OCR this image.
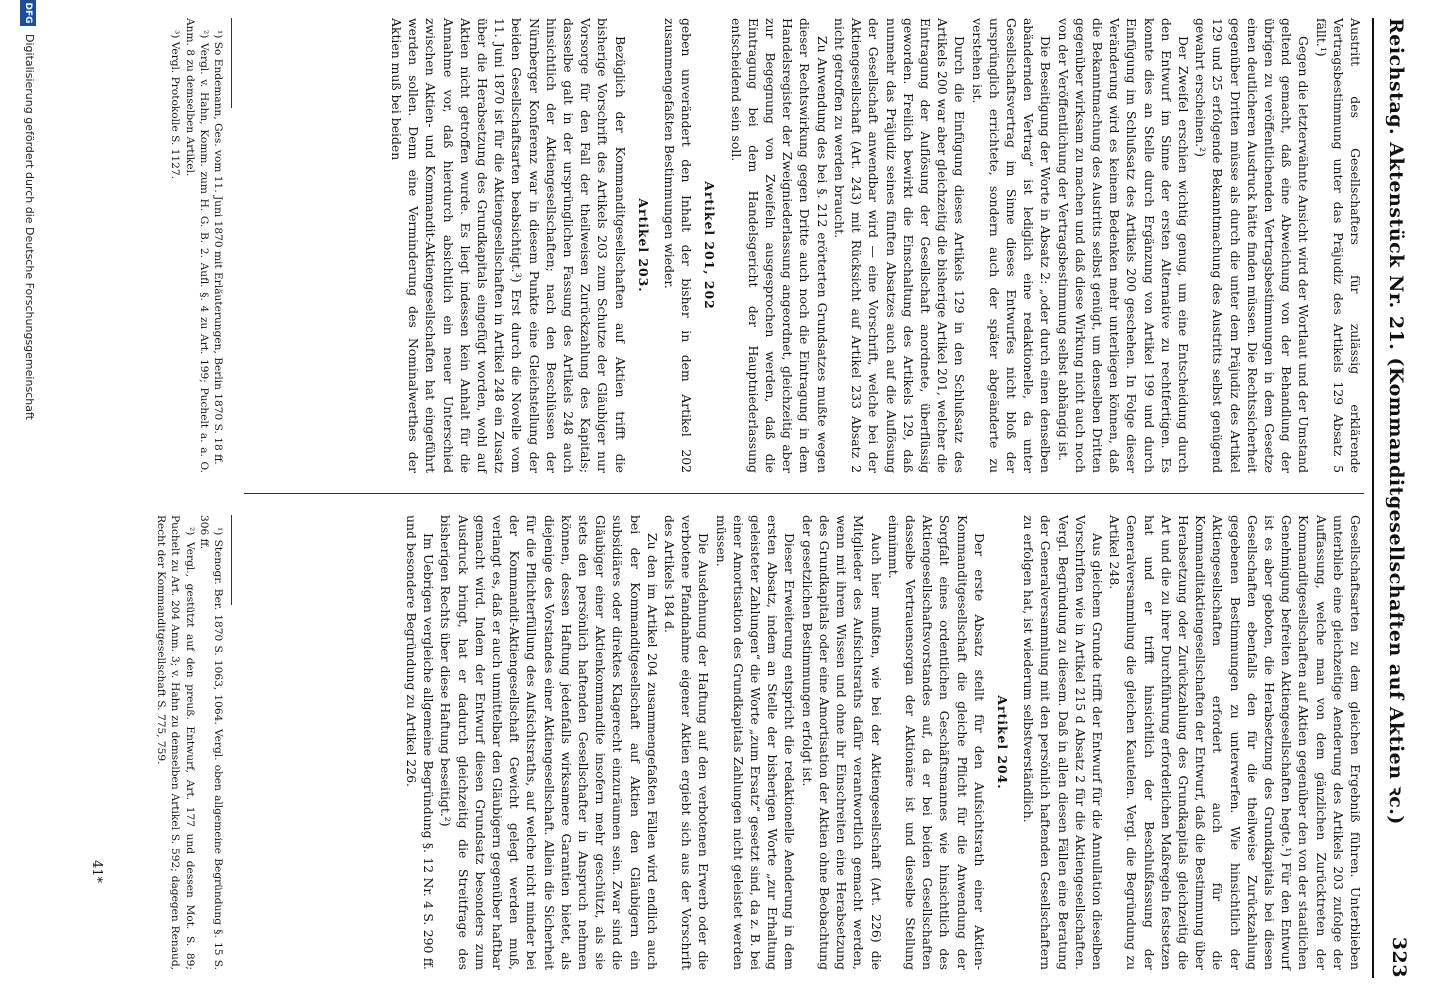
Reichstag. Aktenstück Nr. 21. (Kommanditgesellschaften auf Aktien ꝛc.)
323

Austritt des Gesellschafters für zulässig erklärende Vertragsbestimmung unter das Präjudiz des Artikels 129 Absatz 5 fällt.¹)

Gegen die letzterwähnte Ansicht wird der Wortlaut und der Umstand geltend gemacht, daß eine Abweichung von der Behandlung der übrigen zu veröffentlichenden Vertragsbestimmungen in dem Gesetze einen deutlicheren Ausdruck hätte finden müssen. Die Rechtssicherheit gegenüber Dritten müsse als durch die unter dem Präjudiz des Artikel 129 und 25 erfolgende Bekanntmachung des Austritts selbst genügend gewahrt erscheinen.²)

Der Zweifel erschien wichtig genug, um eine Entscheidung durch den Entwurf im Sinne der ersten Alternative zu rechtfertigen. Es konnte dies an Stelle durch Ergänzung von Artikel 199 und durch Einfügung im Schlußsatz des Artikels 200 geschehen. In Folge dieser Veränderung wird es keinem Bedenken mehr unterliegen können, daß die Bekanntmachung des Austritts selbst genügt, um denselben Dritten gegenüber wirksam zu machen und daß diese Wirkung nicht auch noch von der Veröffentlichung der Vertragsbestimmung selbst abhängig ist.

Die Beseitigung der Worte in Absatz 2: „oder durch einen denselben abändernden Vertrag“ ist lediglich eine redaktionelle, da unter Gesellschaftsvertrag im Sinne dieses Entwurfes nicht bloß der ursprünglich errichtete, sondern auch der später abgeänderte zu verstehen ist.

Durch die Einfügung dieses Artikels 129 in den Schlußsatz des Artikels 200 war aber gleichzeitig die bisherige Artikel 201, welcher die Eintragung der Auflösung der Gesellschaft anordnete, überflüssig geworden. Freilich bewirkt die Einschaltung des Artikels 129, daß nunmehr das Präjudiz seines fünften Absatzes auch auf die Auflösung der Gesellschaft anwendbar wird — eine Vorschrift, welche bei der Aktiengesellschaft (Art. 243) mit Rücksicht auf Artikel 233 Absatz 2 nicht getroffen zu werden braucht.

Zu Anwendung des bei §. 212 erörterten Grundsatzes mußte wegen dieser Rechtswirkung gegen Dritte auch noch die Eintragung in dem Handelsregister der Zweigniederlassung angeordnet, gleichzeitig aber zur Begegnung von Zweifeln ausgesprochen werden, daß die Eintragung bei dem Handelsgericht der Hauptniederlassung entscheidend sein soll.

Artikel 201, 202

geben unverändert den Inhalt der bisher in dem Artikel 202 zusammengefaßten Bestimmungen wieder.

Artikel 203.

Bezüglich der Kommanditgesellschaften auf Aktien trifft die bisherige Vorschrift des Artikels 203 zum Schutze der Gläubiger nur Vorsorge für den Fall der theilweisen Zurückzahlung des Kapitals; dasselbe galt in der ursprünglichen Fassung des Artikels 248 auch hinsichtlich der Aktiengesellschaften; nach den Beschlüssen der Nürnberger Konferenz war in diesem Punkte eine Gleichstellung der beiden Gesellschaftsarten beabsichtigt.³) Erst durch die Novelle vom 11. Juni 1870 ist für die Aktiengesellschaften in Artikel 248 ein Zusatz über die Herabsetzung des Grundkapitals eingefügt worden, wohl auf Aktien nicht getroffen wurde. Es liegt indessen kein Anhalt für die Annahme vor, daß hierdurch absichtlich ein neuer Unterschied zwischen Aktien- und Kommandit-Aktiengesellschaften hat eingeführt werden sollen. Denn eine Verminderung des Nominalwerthes der Aktien muß bei beiden

Gesellschaftsarten zu dem gleichen Ergebniß führen. Unterblieben unterblieb eine gleichzeitige Aenderung des Artikels 203 zufolge der Auffassung, welche man von dem gänzlichen Zurücktreten der Kommanditgesellschaften auf Aktien gegenüber den von der staatlichen Genehmigung befreiten Aktiengesellschaften hegte.¹) Für den Entwurf ist es aber geboten, die Herabsetzung des Grundkapitals bei diesen Gesellschaften ebenfalls den für die theilweise Zurückzahlung gegebenen Bestimmungen zu unterwerfen. Wie hinsichtlich der Aktiengesellschaften erfordert auch für die Kommanditaktiengesellschaften der Entwurf, daß die Bestimmung über Herabsetzung oder Zurückzahlung des Grundkapitals gleichzeitig die Art und die zu ihrer Durchführung erforderlichen Maßregeln festsetzen hat und er trifft hinsichtlich der Beschlußfassung der Generalversammlung die gleichen Kautelen. Vergl. die Begründung zu Artikel 248.

Aus gleichem Grunde trifft der Entwurf für die Annullation dieselben Vorschriften wie in Artikel 215 d Absatz 2 für die Aktiengesellschaften. Vergl. Begründung zu diesem. Daß in allen diesen Fällen eine Beratung der Generalversammlung mit den persönlich haftenden Gesellschaftern zu erfolgen hat, ist wiederum selbstverständlich.

Artikel 204.

Der erste Absatz stellt für den Aufsichtsrath einer Aktien-Kommanditgesellschaft die gleiche Pflicht für die Anwendung der Sorgfalt eines ordentlichen Geschäftsmannes wie hinsichtlich des Aktiengesellschaftsvorstandes auf, da er bei beiden Gesellschaften dasselbe Vertrauensorgan der Aktionäre ist und dieselbe Stellung einnimmt.

Auch hier mußten, wie bei der Aktiengesellschaft (Art. 226) die Mitglieder des Aufsichtsraths dafür verantwortlich gemacht werden, wenn mit ihrem Wissen und ohne ihr Einschreiten eine Herabsetzung des Grundkapitals oder eine Amortisation der Aktien ohne Beobachtung der gesetzlichen Bestimmungen erfolgt ist.

Dieser Erweiterung entspricht die redaktionelle Aenderung in dem ersten Absatz, indem an Stelle der bisherigen Worte „zur Erhaltung geleisteter Zahlungen“ die Worte „zum Ersatz“ gesetzt sind, da z. B. bei einer Amortisation des Grundkapitals Zahlungen nicht geleistet werden müssen.

Die Ausdehnung der Haftung auf den verbotenen Erwerb oder die verbotene Pfandnahme eigener Aktien ergiebt sich aus der Vorschrift des Artikels 184 d.

Zu den im Artikel 204 zusammengefaßten Fällen wird endlich auch bei der Kommanditgesellschaft auf Aktien den Gläubigern ein subsidiäres oder direktes Klagerecht einzuräumen sein. Zwar sind die Gläubiger einer Aktienkommandite insofern mehr geschützt, als sie stets den persönlich haftenden Gesellschafter in Anspruch nehmen können, dessen Haftung jedenfalls wirksamere Garantien bietet, als diejenige des Vorstandes einer Aktiengesellschaft. Allein die Sicherheit für die Pflichterfüllung des Aufsichtsraths, auf welche nicht minder bei der Kommandit-Aktiengesellschaft Gewicht gelegt werden muß, verlangt es, daß er auch unmittelbar den Gläubigern gegenüber haftbar gemacht wird. Indem der Entwurf diesen Grundsatz besonders zum Ausdruck bringt, hat er dadurch gleichzeitig die Streitfrage des bisherigen Rechts über diese Haftung beseitigt.²)

Im Uebrigen vergleiche allgemeine Begründung §. 12 Nr. 4 S. 290 ff. und besondere Begründung zu Artikel 226.

¹) So Endemann, Ges. vom 11. Juni 1870 mit Erläuterungen, Berlin 1870 S. 18 ff.

²) Vergl. v. Hahn, Komm. zum H. G. B. 2. Aufl. §. 4 zu Art. 199; Puchelt a. a. O. Anm. 8 zu demselben Artikel.

³) Vergl. Protokolle S. 1127.

¹) Stenogr. Ber. 1870 S. 1063, 1064. Vergl. oben allgemeine Begründung §. 15 S. 306 ff.

²) Vergl., gestützt auf den preuß. Entwurf, Art. 177 und dessen Mot. S. 89; Puchelt zu Art. 204 Anm. 3; v. Hahn zu demselben Artikel S. 592; dagegen Renaud, Recht der Kommanditgesellschaft S. 775, 759.

41*
DFG
Digitalisierung gefördert durch die Deutsche Forschungsgemeinschaft
